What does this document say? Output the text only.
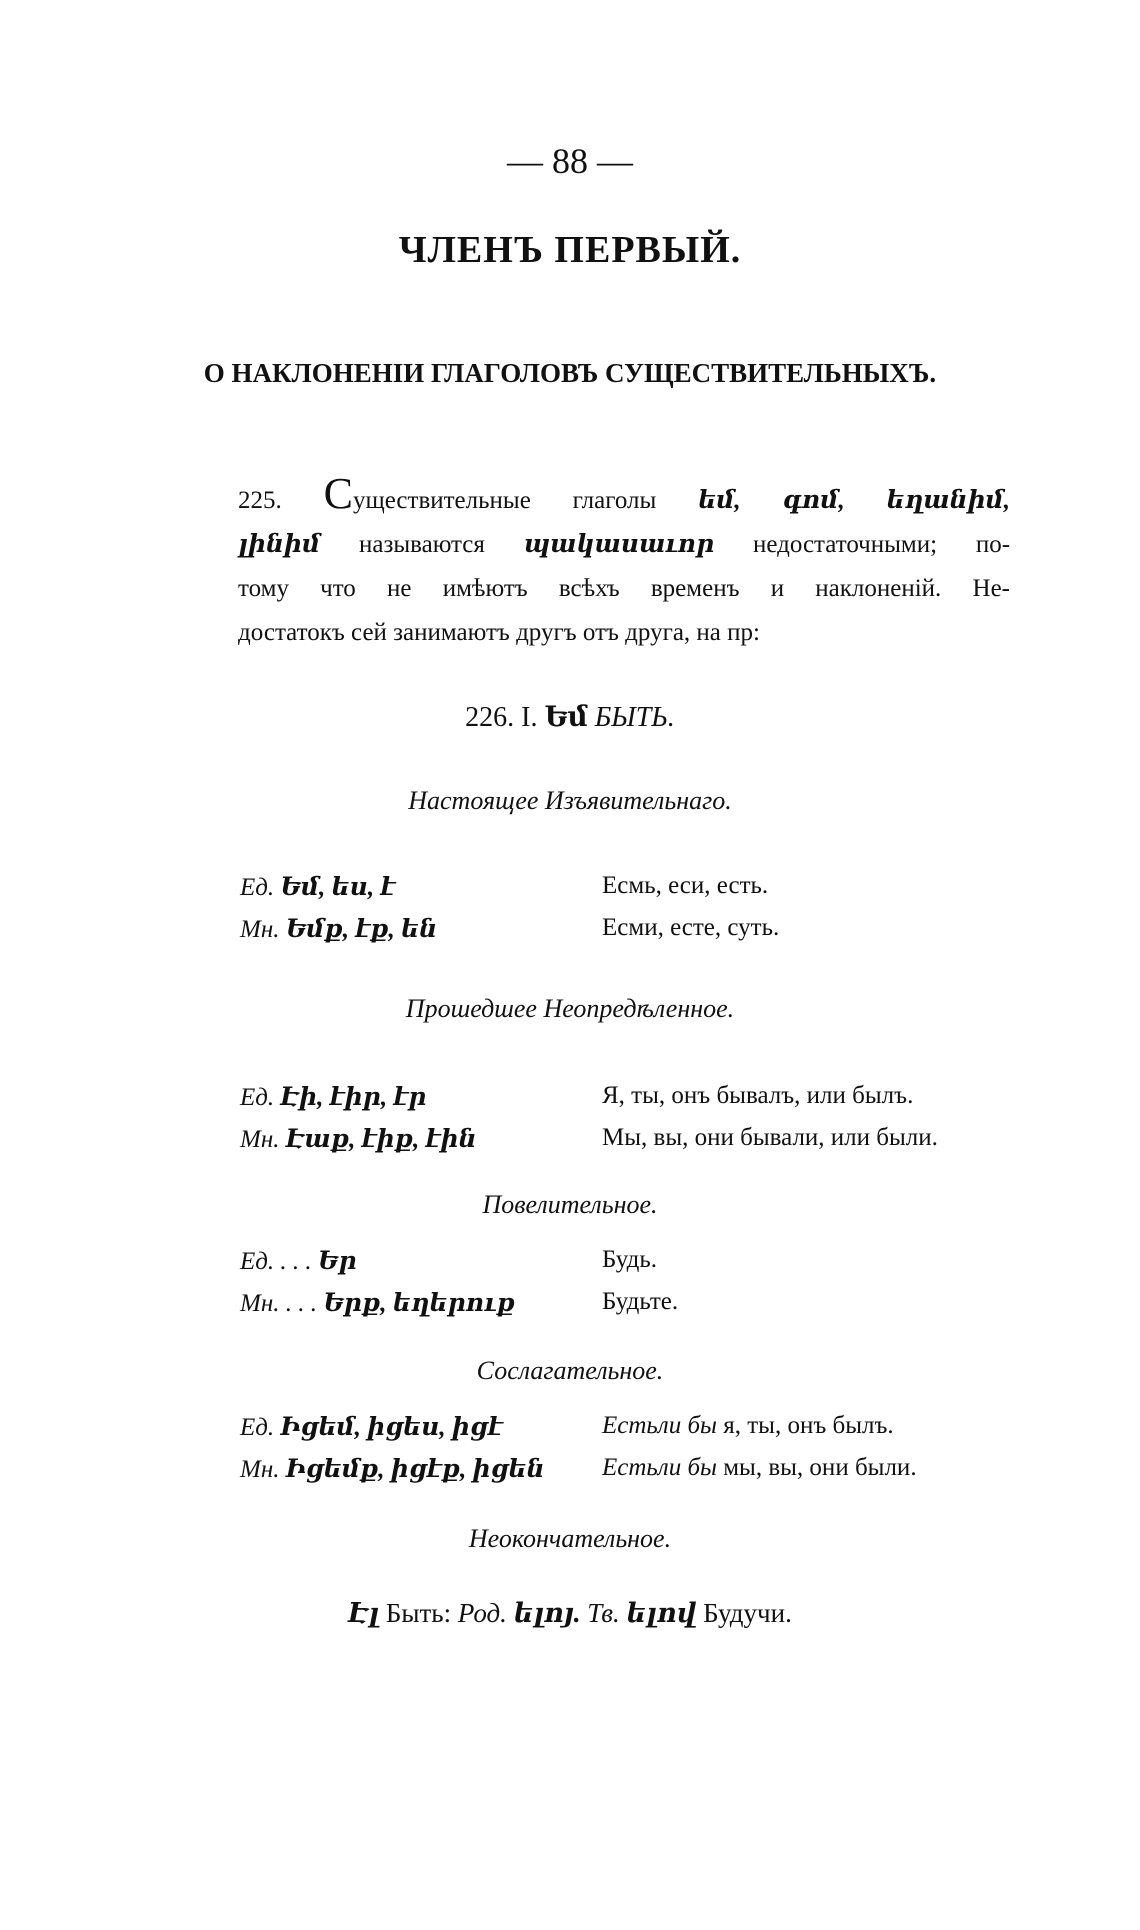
— 88 —
ЧЛЕНЪ ПЕРВЫЙ.
О НАКЛОНЕНІИ ГЛАГОЛОВЪ СУЩЕСТВИТЕЛЬНЫХЪ.
225. Существительные глаголы եմ, գոմ, եղանիմ,
լինիմ называются պակասաւոր недостаточными; по-
тому что не имѣютъ всѣхъ временъ и наклоненій. Не-
достатокъ сей занимаютъ другъ отъ друга, на пр:
226. I. Եմ БЫТЬ.
Настоящее Изъявительнаго.
Ед. Եմ, ես, է	Есмь, еси, есть.
Мн. Եմք, էք, են	Есми, есте, суть.
Прошедшее Неопредѣленное.
Ед. Էի, էիր, էր	Я, ты, онъ бывалъ, или былъ.
Мн. Էաք, էիք, էին	Мы, вы, они бывали, или были.
Повелительное.
Ед. . . . Եր	Будь.
Мн. . . . Երք, եղերուք	Будьте.
Сослагательное.
Ед. Իցեմ, իցես, իցէ	Естьли бы я, ты, онъ былъ.
Мн. Իցեմք, իցէք, իցեն Естьли бы мы, вы, они были.
Неокончательное.
Էլ Быть: Род. ելոյ. Тв. ելով Будучи.
